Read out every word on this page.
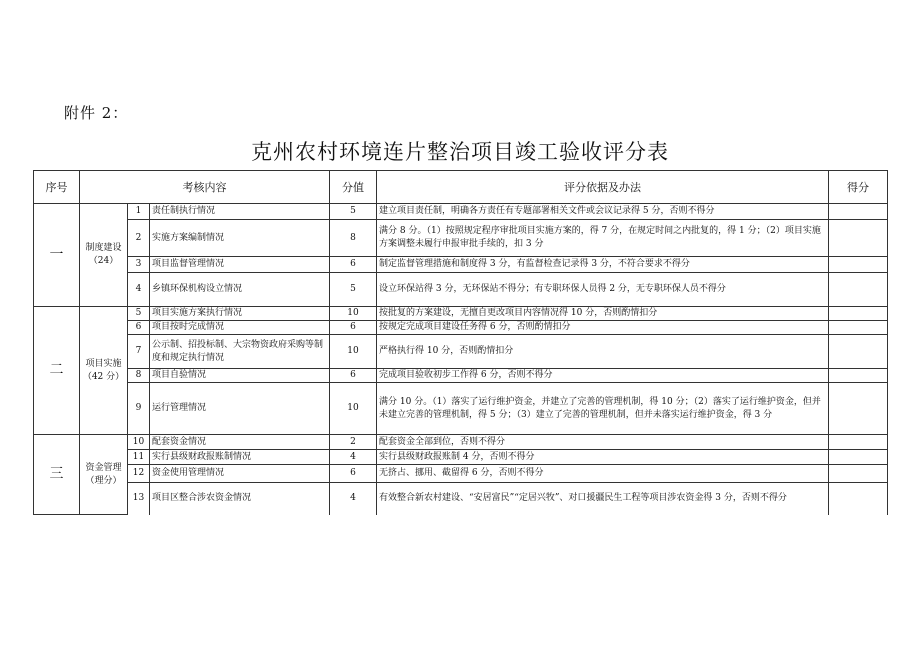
附件 2：
克州农村环境连片整治项目竣工验收评分表
序号	考核内容			分值	评分依据及办法	得分

一	制度建设
（24）	1	责任制执行情况	5	建立项目责任制，明确各方责任有专题部署相关文件或会议记录得 5 分，否则不得分	
		2	实施方案编制情况	8	满分 8 分。（1）按照规定程序审批项目实施方案的，得 7 分，在规定时间之内批复的，得 1 分；（2）项目实施方案调整未履行申报审批手续的，扣 3 分	
		3	项目监督管理情况	6	制定监督管理措施和制度得 3 分，有监督检查记录得 3 分，不符合要求不得分	
		4	乡镇环保机构设立情况	5	设立环保站得 3 分，无环保站不得分；有专职环保人员得 2 分，无专职环保人员不得分	

二	项目实施
（42 分）	5	项目实施方案执行情况	10	按批复的方案建设，无擅自更改项目内容情况得 10 分，否则酌情扣分	
		6	项目按时完成情况	6	按规定完成项目建设任务得 6 分，否则酌情扣分	
		7	公示制、招投标制、大宗物资政府采购等制度和规定执行情况	10	严格执行得 10 分，否则酌情扣分	
		8	项目自验情况	6	完成项目验收初步工作得 6 分，否则不得分	
		9	运行管理情况	10	满分 10 分。（1）落实了运行维护资金，并建立了完善的管理机制，得 10 分；（2）落实了运行维护资金，但并未建立完善的管理机制，得 5 分；（3）建立了完善的管理机制，但并未落实运行维护资金，得 3 分	

三	资金管理
（理分）	10	配套资金情况	2	配套资金全部到位，否则不得分	
		11	实行县级财政报账制情况	4	实行县级财政报账制 4 分，否则不得分	
		12	资金使用管理情况	6	无挤占、挪用、截留得 6 分，否则不得分	
		13	项目区整合涉农资金情况	4	有效整合新农村建设、“安居富民”“定居兴牧”、对口援疆民生工程等项目涉农资金得 3 分，否则不得分	
